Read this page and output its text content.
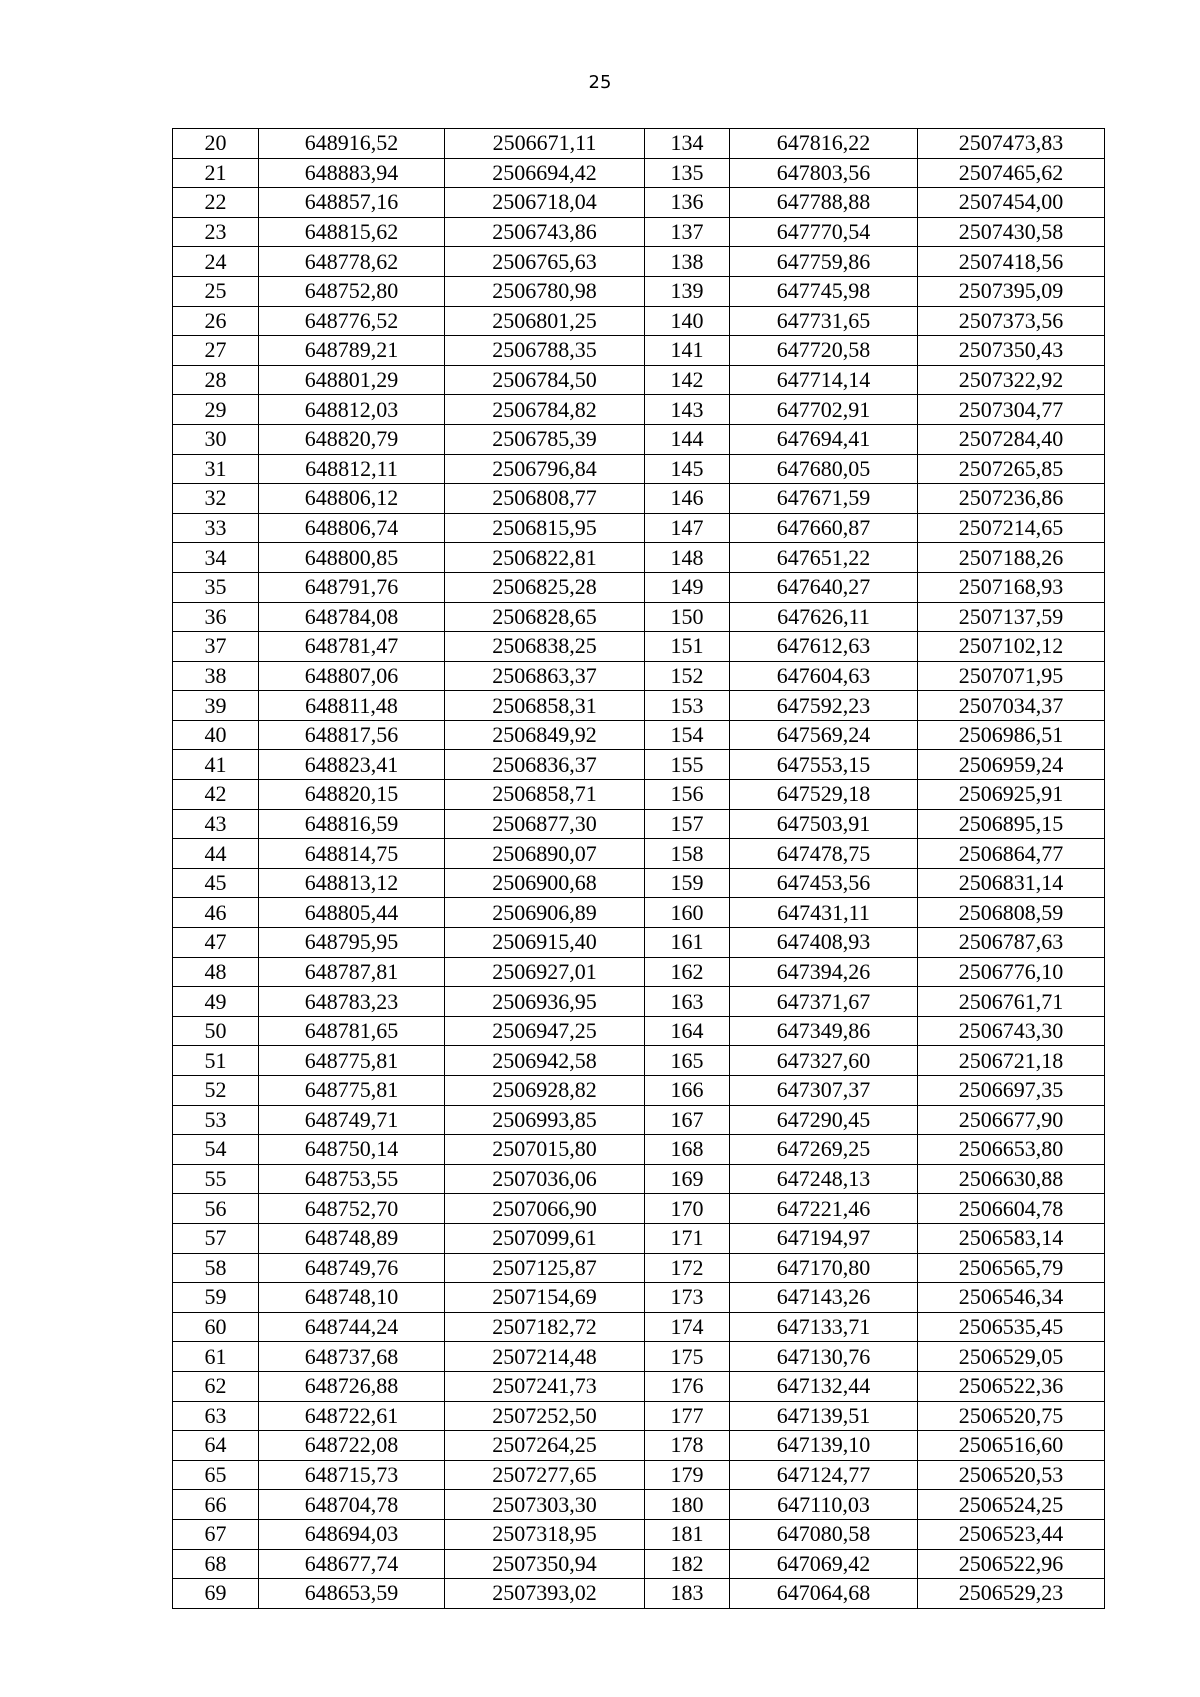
25
20	648916,52	2506671,11	134	647816,22	2507473,83
21	648883,94	2506694,42	135	647803,56	2507465,62
22	648857,16	2506718,04	136	647788,88	2507454,00
23	648815,62	2506743,86	137	647770,54	2507430,58
24	648778,62	2506765,63	138	647759,86	2507418,56
25	648752,80	2506780,98	139	647745,98	2507395,09
26	648776,52	2506801,25	140	647731,65	2507373,56
27	648789,21	2506788,35	141	647720,58	2507350,43
28	648801,29	2506784,50	142	647714,14	2507322,92
29	648812,03	2506784,82	143	647702,91	2507304,77
30	648820,79	2506785,39	144	647694,41	2507284,40
31	648812,11	2506796,84	145	647680,05	2507265,85
32	648806,12	2506808,77	146	647671,59	2507236,86
33	648806,74	2506815,95	147	647660,87	2507214,65
34	648800,85	2506822,81	148	647651,22	2507188,26
35	648791,76	2506825,28	149	647640,27	2507168,93
36	648784,08	2506828,65	150	647626,11	2507137,59
37	648781,47	2506838,25	151	647612,63	2507102,12
38	648807,06	2506863,37	152	647604,63	2507071,95
39	648811,48	2506858,31	153	647592,23	2507034,37
40	648817,56	2506849,92	154	647569,24	2506986,51
41	648823,41	2506836,37	155	647553,15	2506959,24
42	648820,15	2506858,71	156	647529,18	2506925,91
43	648816,59	2506877,30	157	647503,91	2506895,15
44	648814,75	2506890,07	158	647478,75	2506864,77
45	648813,12	2506900,68	159	647453,56	2506831,14
46	648805,44	2506906,89	160	647431,11	2506808,59
47	648795,95	2506915,40	161	647408,93	2506787,63
48	648787,81	2506927,01	162	647394,26	2506776,10
49	648783,23	2506936,95	163	647371,67	2506761,71
50	648781,65	2506947,25	164	647349,86	2506743,30
51	648775,81	2506942,58	165	647327,60	2506721,18
52	648775,81	2506928,82	166	647307,37	2506697,35
53	648749,71	2506993,85	167	647290,45	2506677,90
54	648750,14	2507015,80	168	647269,25	2506653,80
55	648753,55	2507036,06	169	647248,13	2506630,88
56	648752,70	2507066,90	170	647221,46	2506604,78
57	648748,89	2507099,61	171	647194,97	2506583,14
58	648749,76	2507125,87	172	647170,80	2506565,79
59	648748,10	2507154,69	173	647143,26	2506546,34
60	648744,24	2507182,72	174	647133,71	2506535,45
61	648737,68	2507214,48	175	647130,76	2506529,05
62	648726,88	2507241,73	176	647132,44	2506522,36
63	648722,61	2507252,50	177	647139,51	2506520,75
64	648722,08	2507264,25	178	647139,10	2506516,60
65	648715,73	2507277,65	179	647124,77	2506520,53
66	648704,78	2507303,30	180	647110,03	2506524,25
67	648694,03	2507318,95	181	647080,58	2506523,44
68	648677,74	2507350,94	182	647069,42	2506522,96
69	648653,59	2507393,02	183	647064,68	2506529,23
